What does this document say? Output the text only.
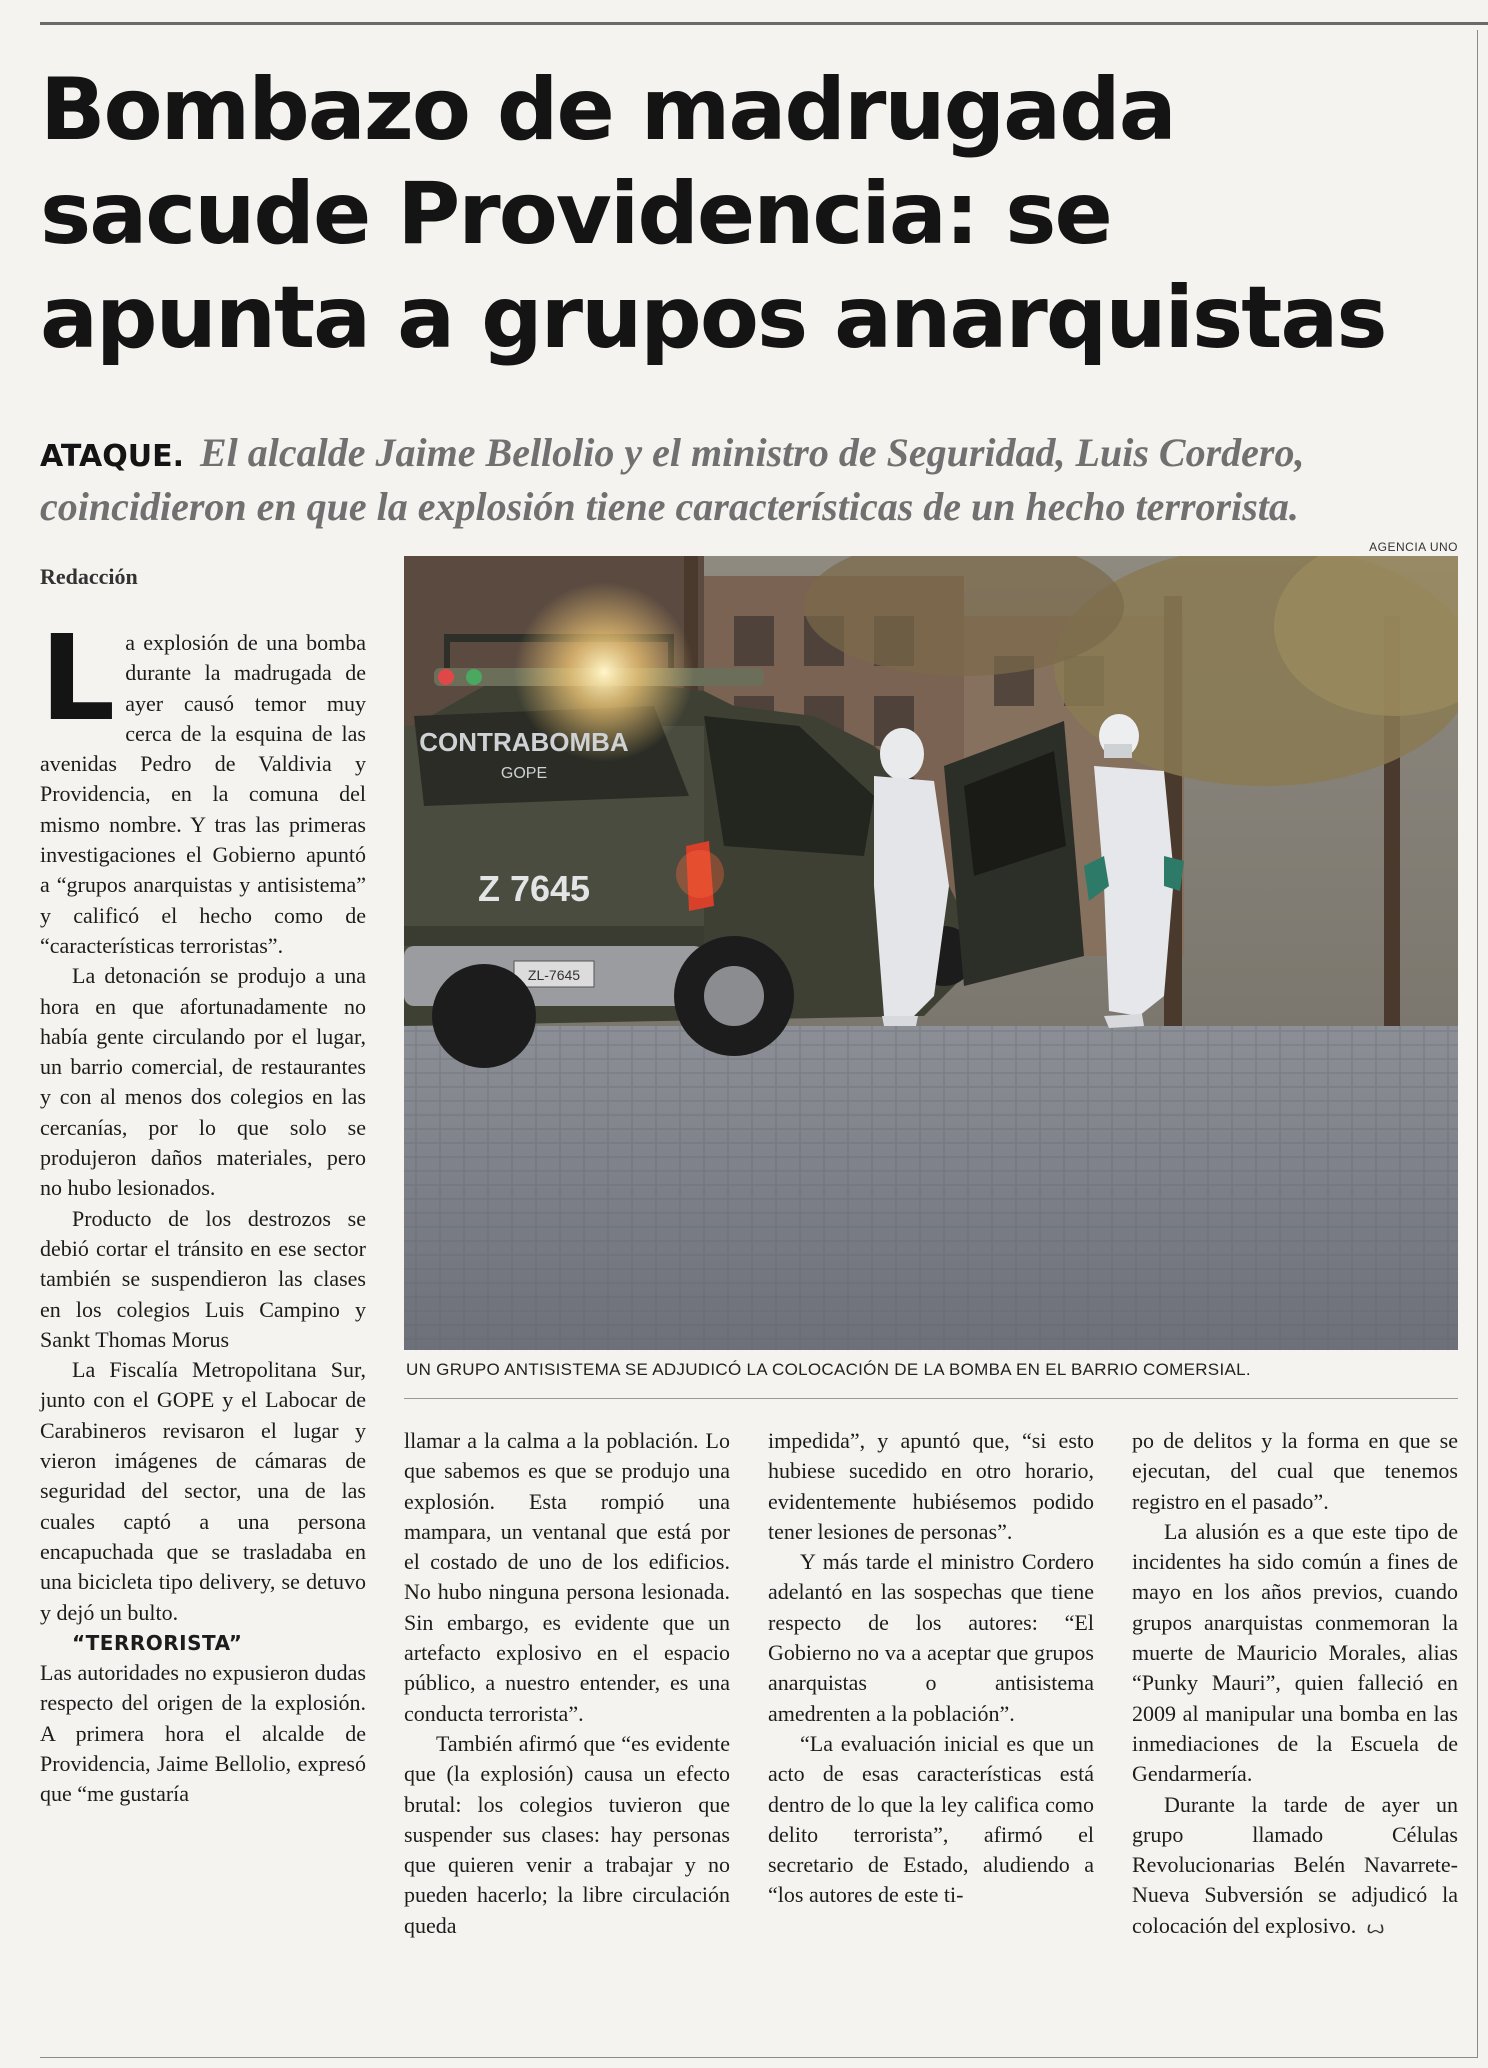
Bombazo de madrugada sacude Providencia: se apunta a grupos anarquistas
ATAQUE. El alcalde Jaime Bellolio y el ministro de Seguridad, Luis Cordero, coincidieron en que la explosión tiene características de un hecho terrorista.
Redacción
AGENCIA UNO
ZL-7645
CONTRABOMBA
GOPE
Z 7645
UN GRUPO ANTISISTEMA SE ADJUDICÓ LA COLOCACIÓN DE LA BOMBA EN EL BARRIO COMERSIAL.

La explosión de una bomba durante la madrugada de ayer causó temor muy cerca de la esquina de las avenidas Pedro de Valdivia y Providencia, en la comuna del mismo nombre. Y tras las primeras investigaciones el Gobierno apuntó a “grupos anarquistas y antisistema” y calificó el hecho como de “características terroristas”.

La detonación se produjo a una hora en que afortunadamente no había gente circulando por el lugar, un barrio comercial, de restaurantes y con al menos dos colegios en las cercanías, por lo que solo se produjeron daños materiales, pero no hubo lesionados.

Producto de los destrozos se debió cortar el tránsito en ese sector también se suspendieron las clases en los colegios Luis Campino y Sankt Thomas Morus

La Fiscalía Metropolitana Sur, junto con el GOPE y el Labocar de Carabineros revisaron el lugar y vieron imágenes de cámaras de seguridad del sector, una de las cuales captó a una persona encapuchada que se trasladaba en una bicicleta tipo delivery, se detuvo y dejó un bulto.

“TERRORISTA”

Las autoridades no expusieron dudas respecto del origen de la explosión. A primera hora el alcalde de Providencia, Jaime Bellolio, expresó que “me gustaría

llamar a la calma a la población. Lo que sabemos es que se produjo una explosión. Esta rompió una mampara, un ventanal que está por el costado de uno de los edificios. No hubo ninguna persona lesionada. Sin embargo, es evidente que un artefacto explosivo en el espacio público, a nuestro entender, es una conducta terrorista”.

También afirmó que “es evidente que (la explosión) causa un efecto brutal: los colegios tuvieron que suspender sus clases: hay personas que quieren venir a trabajar y no pueden hacerlo; la libre circulación queda

impedida”, y apuntó que, “si esto hubiese sucedido en otro horario, evidentemente hubiésemos podido tener lesiones de personas”.

Y más tarde el ministro Cordero adelantó en las sospechas que tiene respecto de los autores: “El Gobierno no va a aceptar que grupos anarquistas o antisistema amedrenten a la población”.

“La evaluación inicial es que un acto de esas características está dentro de lo que la ley califica como delito terrorista”, afirmó el secretario de Estado, aludiendo a “los autores de este ti-

po de delitos y la forma en que se ejecutan, del cual que tenemos registro en el pasado”.

La alusión es a que este tipo de incidentes ha sido común a fines de mayo en los años previos, cuando grupos anarquistas conmemoran la muerte de Mauricio Morales, alias “Punky Mauri”, quien falleció en 2009 al manipular una bomba en las inmediaciones de la Escuela de Gendarmería.

Durante la tarde de ayer un grupo llamado Células Revolucionarias Belén Navarrete-Nueva Subversión se adjudicó la colocación del explosivo. ꙍ
